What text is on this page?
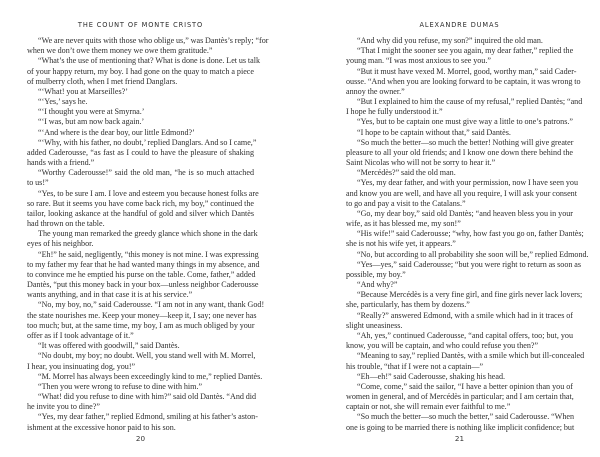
THE COUNT OF MONTE CRISTO
“We are never quits with those who oblige us,” was Dantès’s reply; “for
when we don’t owe them money we owe them gratitude.”
“What’s the use of mentioning that? What is done is done. Let us talk
of your happy return, my boy. I had gone on the quay to match a piece
of mulberry cloth, when I met friend Danglars.
“‘What! you at Marseilles?’
“‘Yes,’ says he.
“‘I thought you were at Smyrna.’
“‘I was, but am now back again.’
“‘And where is the dear boy, our little Edmond?’
“‘Why, with his father, no doubt,’ replied Danglars. And so I came,”
added Caderousse, “as fast as I could to have the pleasure of shaking
hands with a friend.”
“Worthy Caderousse!” said the old man, “he is so much attached
to us!”
“Yes, to be sure I am. I love and esteem you because honest folks are
so rare. But it seems you have come back rich, my boy,” continued the
tailor, looking askance at the handful of gold and silver which Dantès
had thrown on the table.
The young man remarked the greedy glance which shone in the dark
eyes of his neighbor.
“Eh!” he said, negligently, “this money is not mine. I was expressing
to my father my fear that he had wanted many things in my absence, and
to convince me he emptied his purse on the table. Come, father,” added
Dantès, “put this money back in your box—unless neighbor Caderousse
wants anything, and in that case it is at his service.”
“No, my boy, no,” said Caderousse. “I am not in any want, thank God!
the state nourishes me. Keep your money—keep it, I say; one never has
too much; but, at the same time, my boy, I am as much obliged by your
offer as if I took advantage of it.”
“It was offered with goodwill,” said Dantès.
“No doubt, my boy; no doubt. Well, you stand well with M. Morrel,
I hear, you insinuating dog, you!”
“M. Morrel has always been exceedingly kind to me,” replied Dantès.
“Then you were wrong to refuse to dine with him.”
“What! did you refuse to dine with him?” said old Dantès. “And did
he invite you to dine?”
“Yes, my dear father,” replied Edmond, smiling at his father’s aston-
ishment at the excessive honor paid to his son.
20
ALEXANDRE DUMAS
“And why did you refuse, my son?” inquired the old man.
“That I might the sooner see you again, my dear father,” replied the
young man. “I was most anxious to see you.”
“But it must have vexed M. Morrel, good, worthy man,” said Cader-
ousse. “And when you are looking forward to be captain, it was wrong to
annoy the owner.”
“But I explained to him the cause of my refusal,” replied Dantès; “and
I hope he fully understood it.”
“Yes, but to be captain one must give way a little to one’s patrons.”
“I hope to be captain without that,” said Dantès.
“So much the better—so much the better! Nothing will give greater
pleasure to all your old friends; and I know one down there behind the
Saint Nicolas who will not be sorry to hear it.”
“Mercédès?” said the old man.
“Yes, my dear father, and with your permission, now I have seen you
and know you are well, and have all you require, I will ask your consent
to go and pay a visit to the Catalans.”
“Go, my dear boy,” said old Dantès; “and heaven bless you in your
wife, as it has blessed me, my son!”
“His wife!” said Caderousse; “why, how fast you go on, father Dantès;
she is not his wife yet, it appears.”
“No, but according to all probability she soon will be,” replied Edmond.
“Yes—yes,” said Caderousse; “but you were right to return as soon as
possible, my boy.”
“And why?”
“Because Mercédès is a very fine girl, and fine girls never lack lovers;
she, particularly, has them by dozens.”
“Really?” answered Edmond, with a smile which had in it traces of
slight uneasiness.
“Ah, yes,” continued Caderousse, “and capital offers, too; but, you
know, you will be captain, and who could refuse you then?”
“Meaning to say,” replied Dantès, with a smile which but ill-concealed
his trouble, “that if I were not a captain—”
“Eh—eh!” said Caderousse, shaking his head.
“Come, come,” said the sailor, “I have a better opinion than you of
women in general, and of Mercédès in particular; and I am certain that,
captain or not, she will remain ever faithful to me.”
“So much the better—so much the better,” said Caderousse. “When
one is going to be married there is nothing like implicit confidence; but
21
